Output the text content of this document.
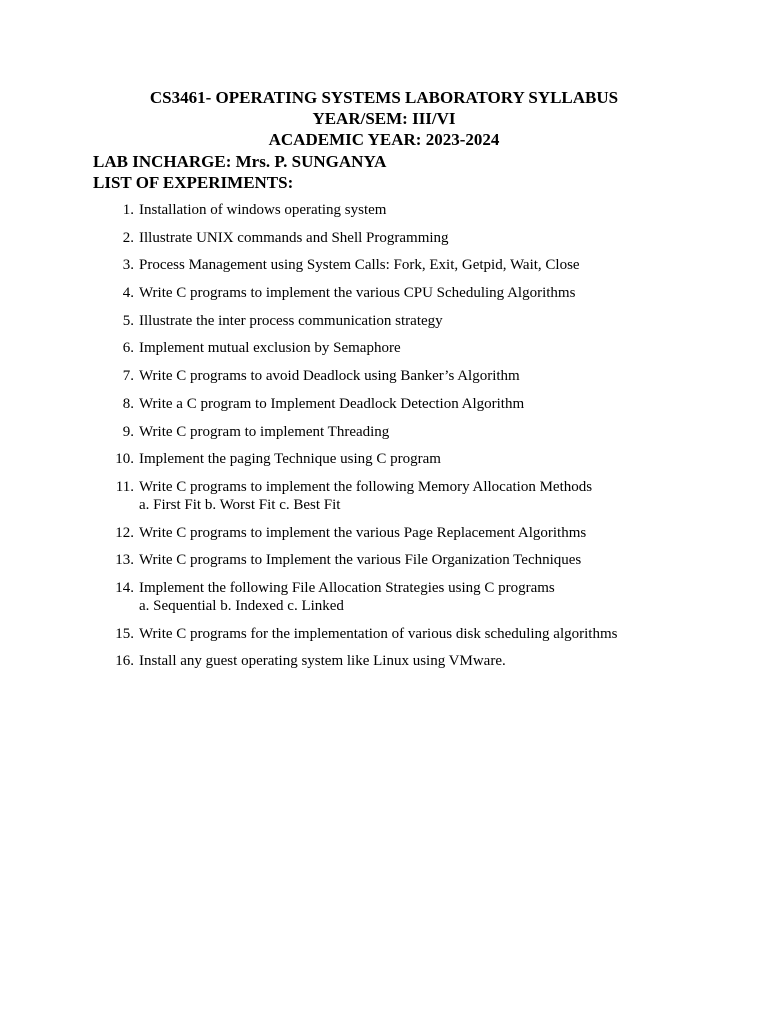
CS3461- OPERATING SYSTEMS LABORATORY SYLLABUS
YEAR/SEM: III/VI
ACADEMIC YEAR: 2023-2024
LAB INCHARGE: Mrs. P. SUNGANYA
LIST OF EXPERIMENTS:
1. Installation of windows operating system
2. Illustrate UNIX commands and Shell Programming
3. Process Management using System Calls: Fork, Exit, Getpid, Wait, Close
4. Write C programs to implement the various CPU Scheduling Algorithms
5. Illustrate the inter process communication strategy
6. Implement mutual exclusion by Semaphore
7. Write C programs to avoid Deadlock using Banker’s Algorithm
8. Write a C program to Implement Deadlock Detection Algorithm
9. Write C program to implement Threading
10. Implement the paging Technique using C program
11. Write C programs to implement the following Memory Allocation Methods
a. First Fit b. Worst Fit c. Best Fit
12. Write C programs to implement the various Page Replacement Algorithms
13. Write C programs to Implement the various File Organization Techniques
14. Implement the following File Allocation Strategies using C programs
a. Sequential b. Indexed c. Linked
15. Write C programs for the implementation of various disk scheduling algorithms
16. Install any guest operating system like Linux using VMware.
